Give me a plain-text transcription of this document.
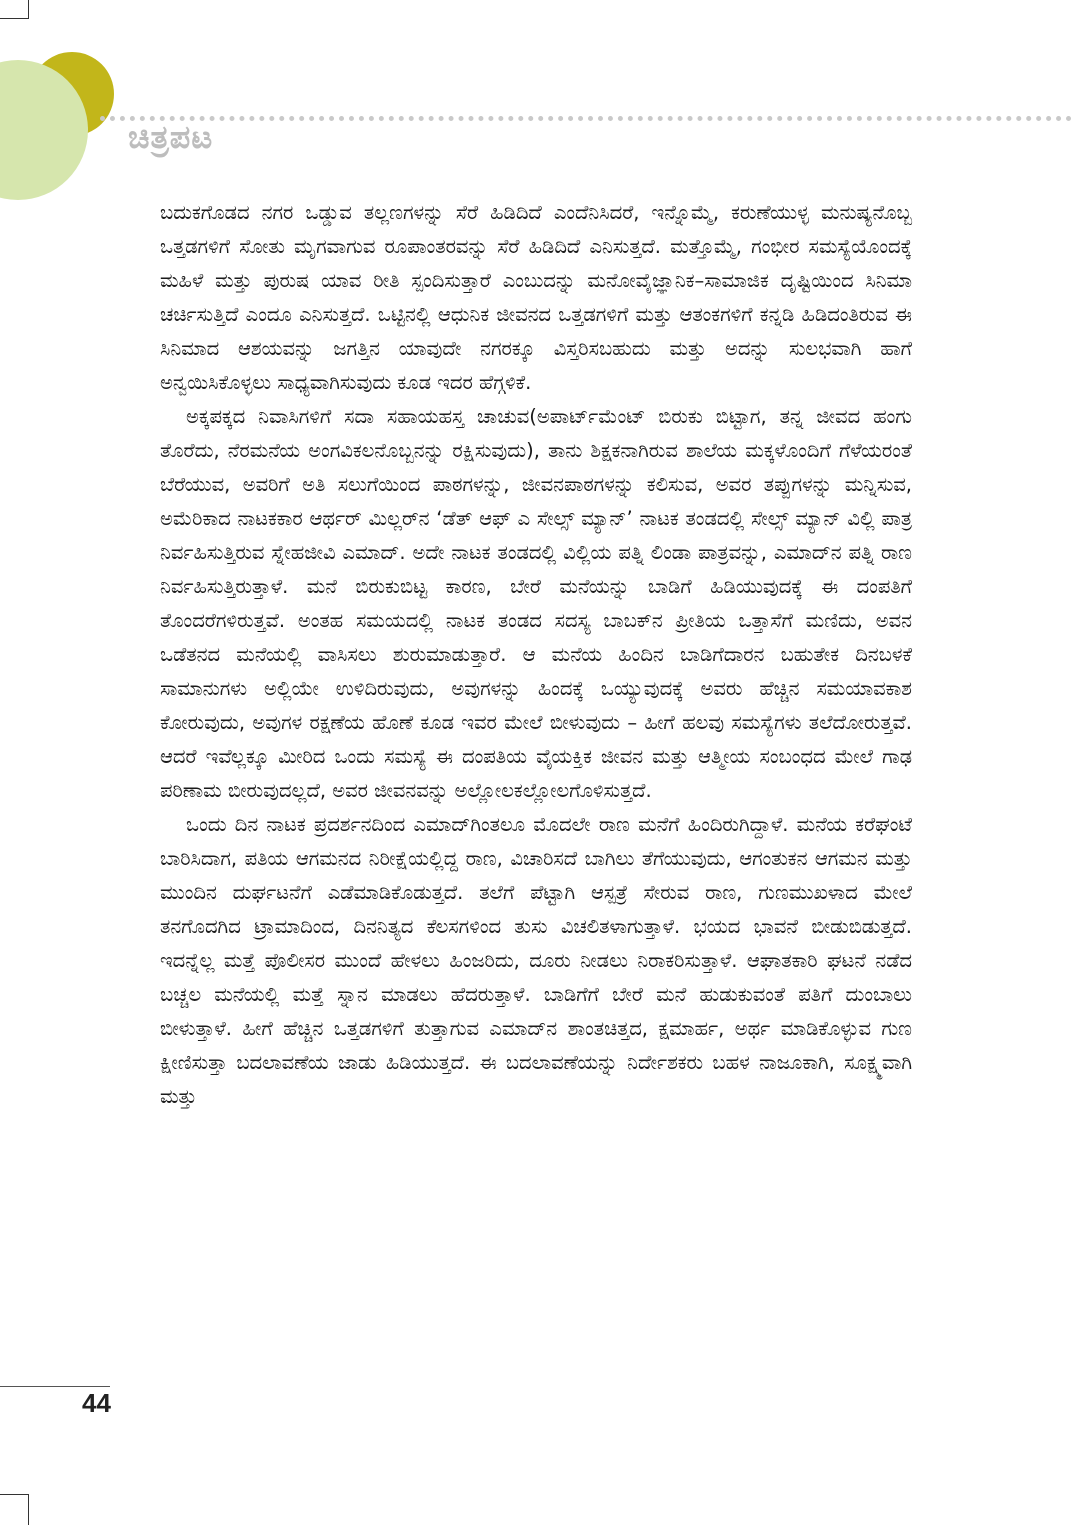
ಚಿತ್ರಪಟ

ಬದುಕಗೊಡದ ನಗರ ಒಡ್ಡುವ ತಲ್ಲಣಗಳನ್ನು ಸೆರೆ ಹಿಡಿದಿದೆ ಎಂದೆನಿಸಿದರೆ, ಇನ್ನೊಮ್ಮೆ, ಕರುಣೆಯುಳ್ಳ ಮನುಷ್ಯನೊಬ್ಬ ಒತ್ತಡಗಳಿಗೆ ಸೋತು ಮೃಗವಾಗುವ ರೂಪಾಂತರವನ್ನು ಸೆರೆ ಹಿಡಿದಿದೆ ಎನಿಸುತ್ತದೆ. ಮತ್ತೊಮ್ಮೆ, ಗಂಭೀರ ಸಮಸ್ಯೆಯೊಂದಕ್ಕೆ ಮಹಿಳೆ ಮತ್ತು ಪುರುಷ ಯಾವ ರೀತಿ ಸ್ಪಂದಿಸುತ್ತಾರೆ ಎಂಬುದನ್ನು ಮನೋವೈಜ್ಞಾನಿಕ–ಸಾಮಾಜಿಕ ದೃಷ್ಟಿಯಿಂದ ಸಿನಿಮಾ ಚರ್ಚಿಸುತ್ತಿದೆ ಎಂದೂ ಎನಿಸುತ್ತದೆ. ಒಟ್ಟಿನಲ್ಲಿ ಆಧುನಿಕ ಜೀವನದ ಒತ್ತಡಗಳಿಗೆ ಮತ್ತು ಆತಂಕಗಳಿಗೆ ಕನ್ನಡಿ ಹಿಡಿದಂತಿರುವ ಈ ಸಿನಿಮಾದ ಆಶಯವನ್ನು ಜಗತ್ತಿನ ಯಾವುದೇ ನಗರಕ್ಕೂ ವಿಸ್ತರಿಸಬಹುದು ಮತ್ತು ಅದನ್ನು ಸುಲಭವಾಗಿ ಹಾಗೆ ಅನ್ವಯಿಸಿಕೊಳ್ಳಲು ಸಾಧ್ಯವಾಗಿಸುವುದು ಕೂಡ ಇದರ ಹೆಗ್ಗಳಿಕೆ.

ಅಕ್ಕಪಕ್ಕದ ನಿವಾಸಿಗಳಿಗೆ ಸದಾ ಸಹಾಯಹಸ್ತ ಚಾಚುವ(ಅಪಾರ್ಟ್‌ಮೆಂಟ್ ಬಿರುಕು ಬಿಟ್ಟಾಗ, ತನ್ನ ಜೀವದ ಹಂಗು ತೊರೆದು, ನೆರಮನೆಯ ಅಂಗವಿಕಲನೊಬ್ಬನನ್ನು ರಕ್ಷಿಸುವುದು), ತಾನು ಶಿಕ್ಷಕನಾಗಿರುವ ಶಾಲೆಯ ಮಕ್ಕಳೊಂದಿಗೆ ಗೆಳೆಯರಂತೆ ಬೆರೆಯುವ, ಅವರಿಗೆ ಅತಿ ಸಲುಗೆಯಿಂದ ಪಾಠಗಳನ್ನು, ಜೀವನಪಾಠಗಳನ್ನು ಕಲಿಸುವ, ಅವರ ತಪ್ಪುಗಳನ್ನು ಮನ್ನಿಸುವ, ಅಮೆರಿಕಾದ ನಾಟಕಕಾರ ಆರ್ಥರ್ ಮಿಲ್ಲರ್‌ನ ‘ಡೆತ್ ಆಫ್ ಎ ಸೇಲ್ಸ್ ಮ್ಯಾನ್’ ನಾಟಕ ತಂಡದಲ್ಲಿ ಸೇಲ್ಸ್ ಮ್ಯಾನ್ ವಿಲ್ಲಿ ಪಾತ್ರ ನಿರ್ವಹಿಸುತ್ತಿರುವ ಸ್ನೇಹಜೀವಿ ಎಮಾದ್. ಅದೇ ನಾಟಕ ತಂಡದಲ್ಲಿ ವಿಲ್ಲಿಯ ಪತ್ನಿ ಲಿಂಡಾ ಪಾತ್ರವನ್ನು, ಎಮಾದ್‌ನ ಪತ್ನಿ ರಾಣ ನಿರ್ವಹಿಸುತ್ತಿರುತ್ತಾಳೆ. ಮನೆ ಬಿರುಕುಬಿಟ್ಟ ಕಾರಣ, ಬೇರೆ ಮನೆಯನ್ನು ಬಾಡಿಗೆ ಹಿಡಿಯುವುದಕ್ಕೆ ಈ ದಂಪತಿಗೆ ತೊಂದರೆಗಳಿರುತ್ತವೆ. ಅಂತಹ ಸಮಯದಲ್ಲಿ ನಾಟಕ ತಂಡದ ಸದಸ್ಯ ಬಾಬಕ್‌ನ ಪ್ರೀತಿಯ ಒತ್ತಾಸೆಗೆ ಮಣಿದು, ಅವನ ಒಡೆತನದ ಮನೆಯಲ್ಲಿ ವಾಸಿಸಲು ಶುರುಮಾಡುತ್ತಾರೆ. ಆ ಮನೆಯ ಹಿಂದಿನ ಬಾಡಿಗೆದಾರನ ಬಹುತೇಕ ದಿನಬಳಕೆ ಸಾಮಾನುಗಳು ಅಲ್ಲಿಯೇ ಉಳಿದಿರುವುದು, ಅವುಗಳನ್ನು ಹಿಂದಕ್ಕೆ ಒಯ್ಯುವುದಕ್ಕೆ ಅವರು ಹೆಚ್ಚಿನ ಸಮಯಾವಕಾಶ ಕೋರುವುದು, ಅವುಗಳ ರಕ್ಷಣೆಯ ಹೊಣೆ ಕೂಡ ಇವರ ಮೇಲೆ ಬೀಳುವುದು – ಹೀಗೆ ಹಲವು ಸಮಸ್ಯೆಗಳು ತಲೆದೋರುತ್ತವೆ. ಆದರೆ ಇವೆಲ್ಲಕ್ಕೂ ಮೀರಿದ ಒಂದು ಸಮಸ್ಯೆ ಈ ದಂಪತಿಯ ವೈಯಕ್ತಿಕ ಜೀವನ ಮತ್ತು ಆತ್ಮೀಯ ಸಂಬಂಧದ ಮೇಲೆ ಗಾಢ ಪರಿಣಾಮ ಬೀರುವುದಲ್ಲದೆ, ಅವರ ಜೀವನವನ್ನು ಅಲ್ಲೋಲಕಲ್ಲೋಲಗೊಳಿಸುತ್ತದೆ.

ಒಂದು ದಿನ ನಾಟಕ ಪ್ರದರ್ಶನದಿಂದ ಎಮಾದ್‌ಗಿಂತಲೂ ಮೊದಲೇ ರಾಣ ಮನೆಗೆ ಹಿಂದಿರುಗಿದ್ದಾಳೆ. ಮನೆಯ ಕರೆಘಂಟೆ ಬಾರಿಸಿದಾಗ, ಪತಿಯ ಆಗಮನದ ನಿರೀಕ್ಷೆಯಲ್ಲಿದ್ದ ರಾಣ, ವಿಚಾರಿಸದೆ ಬಾಗಿಲು ತೆಗೆಯುವುದು, ಆಗಂತುಕನ ಆಗಮನ ಮತ್ತು ಮುಂದಿನ ದುರ್ಘಟನೆಗೆ ಎಡೆಮಾಡಿಕೊಡುತ್ತದೆ. ತಲೆಗೆ ಪೆಟ್ಟಾಗಿ ಆಸ್ಪತ್ರೆ ಸೇರುವ ರಾಣ, ಗುಣಮುಖಳಾದ ಮೇಲೆ ತನಗೊದಗಿದ ಟ್ರಾಮಾದಿಂದ, ದಿನನಿತ್ಯದ ಕೆಲಸಗಳಿಂದ ತುಸು ವಿಚಲಿತಳಾಗುತ್ತಾಳೆ. ಭಯದ ಭಾವನೆ ಬೀಡುಬಿಡುತ್ತದೆ. ಇದನ್ನೆಲ್ಲ ಮತ್ತೆ ಪೊಲೀಸರ ಮುಂದೆ ಹೇಳಲು ಹಿಂಜರಿದು, ದೂರು ನೀಡಲು ನಿರಾಕರಿಸುತ್ತಾಳೆ. ಆಘಾತಕಾರಿ ಘಟನೆ ನಡೆದ ಬಚ್ಚಲ ಮನೆಯಲ್ಲಿ ಮತ್ತೆ ಸ್ನಾನ ಮಾಡಲು ಹೆದರುತ್ತಾಳೆ. ಬಾಡಿಗೆಗೆ ಬೇರೆ ಮನೆ ಹುಡುಕುವಂತೆ ಪತಿಗೆ ದುಂಬಾಲು ಬೀಳುತ್ತಾಳೆ. ಹೀಗೆ ಹೆಚ್ಚಿನ ಒತ್ತಡಗಳಿಗೆ ತುತ್ತಾಗುವ ಎಮಾದ್‌ನ ಶಾಂತಚಿತ್ತದ, ಕ್ಷಮಾರ್ಹ, ಅರ್ಥ ಮಾಡಿಕೊಳ್ಳುವ ಗುಣ ಕ್ಷೀಣಿಸುತ್ತಾ ಬದಲಾವಣೆಯ ಜಾಡು ಹಿಡಿಯುತ್ತದೆ. ಈ ಬದಲಾವಣೆಯನ್ನು ನಿರ್ದೇಶಕರು ಬಹಳ ನಾಜೂಕಾಗಿ, ಸೂಕ್ಷ್ಮವಾಗಿ ಮತ್ತು

44
